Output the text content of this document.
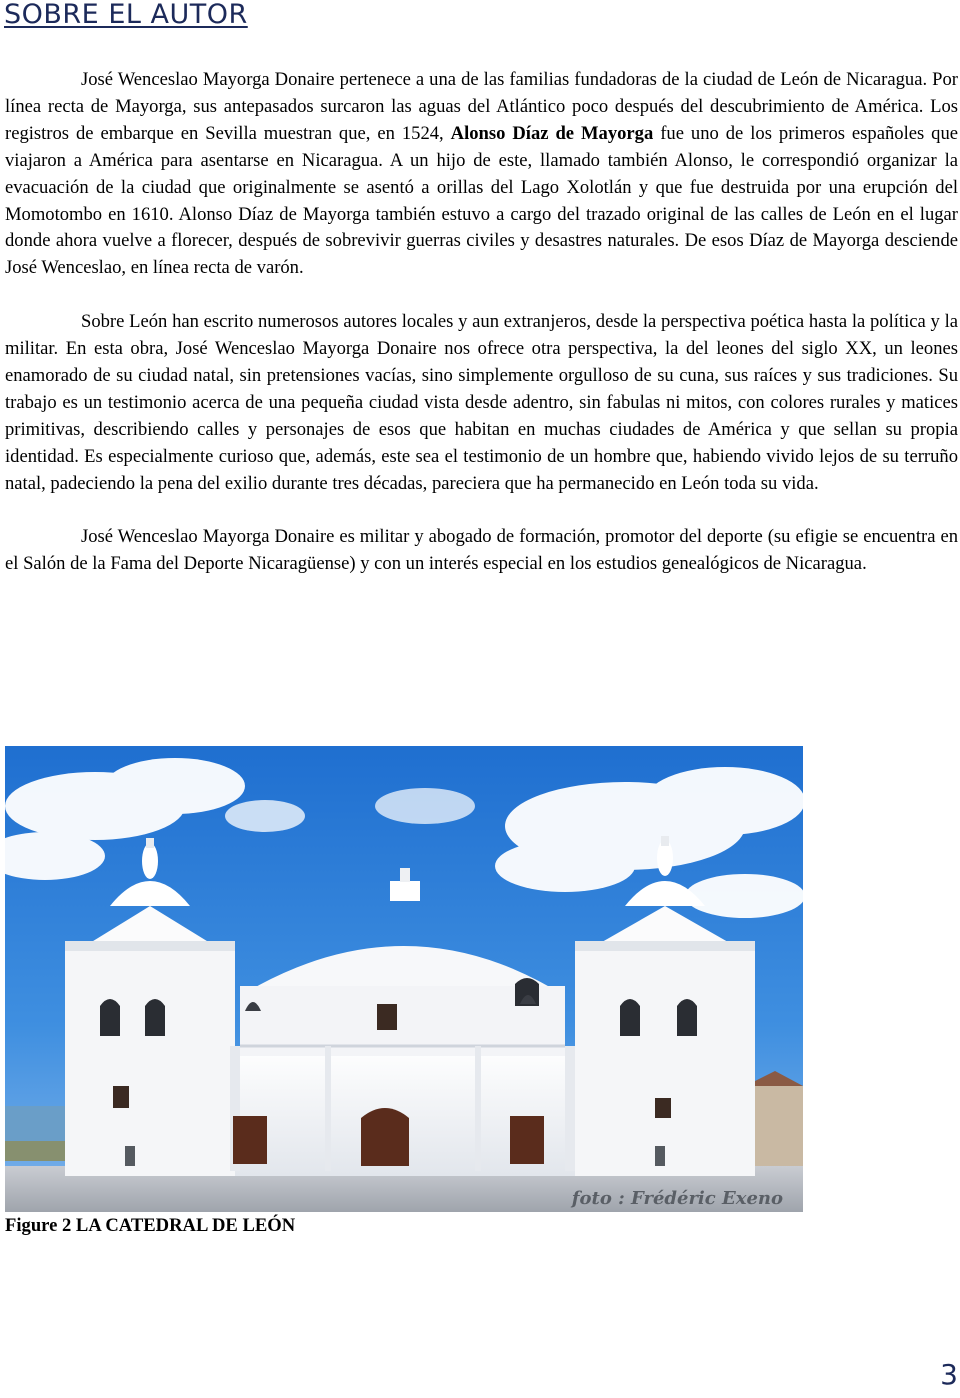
SOBRE EL AUTOR

José Wenceslao Mayorga Donaire pertenece a una de las familias fundadoras de la ciudad de León de Nicaragua. Por línea recta de Mayorga, sus antepasados surcaron las aguas del Atlántico poco después del descubrimiento de América. Los registros de embarque en Sevilla muestran que, en 1524, Alonso Díaz de Mayorga fue uno de los primeros españoles que viajaron a América para asentarse en Nicaragua. A un hijo de este, llamado también Alonso, le correspondió organizar la evacuación de la ciudad que originalmente se asentó a orillas del Lago Xolotlán y que fue destruida por una erupción del Momotombo en 1610. Alonso Díaz de Mayorga también estuvo a cargo del trazado original de las calles de León en el lugar donde ahora vuelve a florecer, después de sobrevivir guerras civiles y desastres naturales. De esos Díaz de Mayorga desciende José Wenceslao, en línea recta de varón.

Sobre León han escrito numerosos autores locales y aun extranjeros, desde la perspectiva poética hasta la política y la militar. En esta obra, José Wenceslao Mayorga Donaire nos ofrece otra perspectiva, la del leones del siglo XX, un leones enamorado de su ciudad natal, sin pretensiones vacías, sino simplemente orgulloso de su cuna, sus raíces y sus tradiciones. Su trabajo es un testimonio acerca de una pequeña ciudad vista desde adentro, sin fabulas ni mitos, con colores rurales y matices primitivas, describiendo calles y personajes de esos que habitan en muchas ciudades de América y que sellan su propia identidad. Es especialmente curioso que, además, este sea el testimonio de un hombre que, habiendo vivido lejos de su terruño natal, padeciendo la pena del exilio durante tres décadas, pareciera que ha permanecido en León toda su vida.

José Wenceslao Mayorga Donaire es militar y abogado de formación, promotor del deporte (su efigie se encuentra en el Salón de la Fama del Deporte Nicaragüense) y con un interés especial en los estudios genealógicos de Nicaragua.

foto : Frédéric Exeno
Figure 2 LA CATEDRAL DE LEÓN
3
